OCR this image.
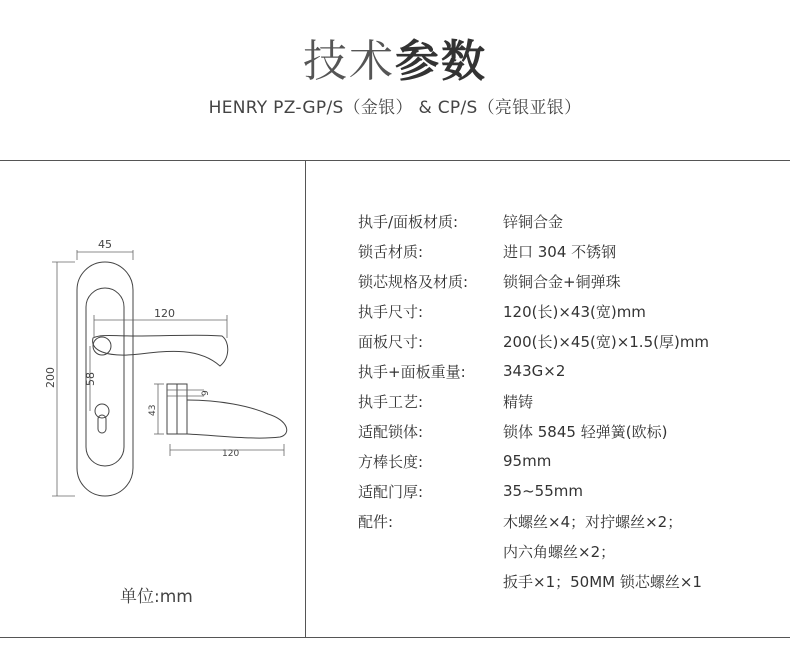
技术参数
HENRY PZ-GP/S（金银） & CP/S（亮银亚银）
45
120
200 58
43
9
120
单位:mm
执手/面板材质:	锌铜合金
锁舌材质:	进口 304 不锈钢
锁芯规格及材质:	锁铜合金+铜弹珠
执手尺寸:	120(长)×43(宽)mm
面板尺寸:	200(长)×45(宽)×1.5(厚)mm
执手+面板重量:	343G×2
执手工艺:	精铸
适配锁体:	锁体 5845 轻弹簧(欧标)
方棒长度:	95mm
适配门厚:	35~55mm
配件:	木螺丝×4；对拧螺丝×2；
内六角螺丝×2；
扳手×1；50MM 锁芯螺丝×1
